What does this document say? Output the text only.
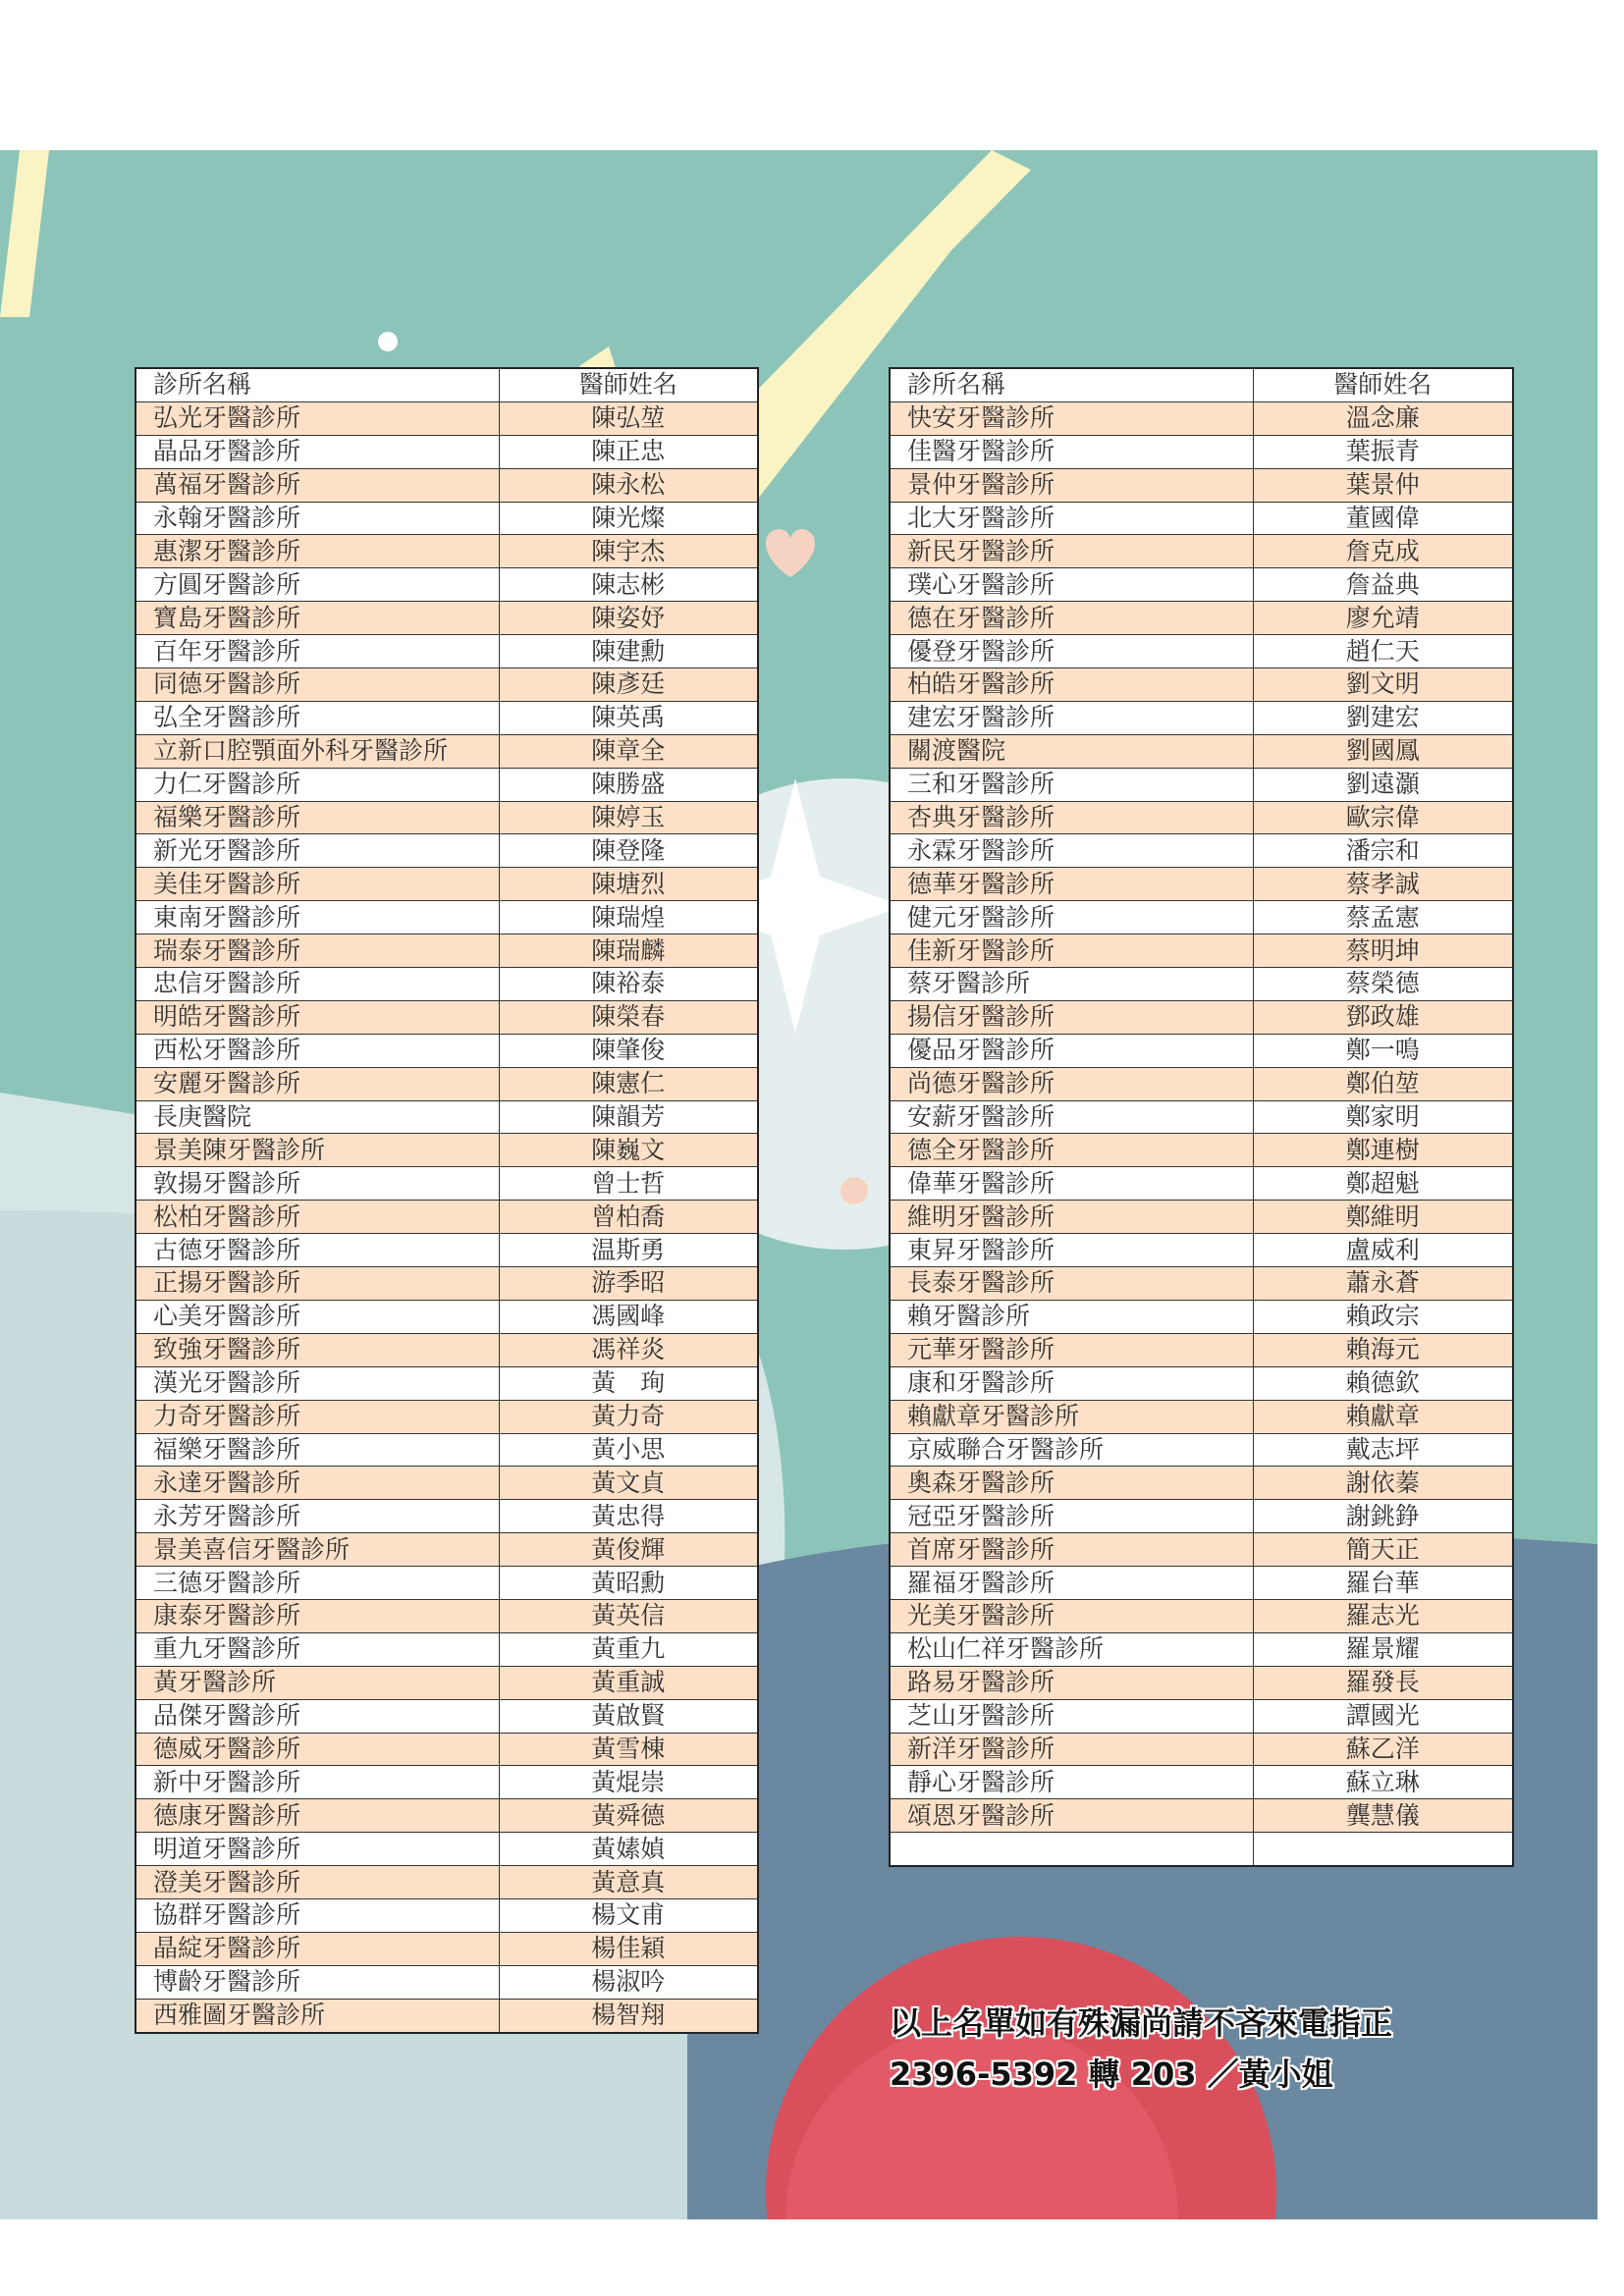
診所名稱	醫師姓名
弘光牙醫診所	陳弘堃
晶品牙醫診所	陳正忠
萬福牙醫診所	陳永松
永翰牙醫診所	陳光燦
惠潔牙醫診所	陳宇杰
方圓牙醫診所	陳志彬
寶島牙醫診所	陳姿妤
百年牙醫診所	陳建勳
同德牙醫診所	陳彥廷
弘全牙醫診所	陳英禹
立新口腔顎面外科牙醫診所	陳章全
力仁牙醫診所	陳勝盛
福樂牙醫診所	陳婷玉
新光牙醫診所	陳登隆
美佳牙醫診所	陳塘烈
東南牙醫診所	陳瑞煌
瑞泰牙醫診所	陳瑞麟
忠信牙醫診所	陳裕泰
明皓牙醫診所	陳榮春
西松牙醫診所	陳肇俊
安麗牙醫診所	陳憲仁
長庚醫院	陳韻芳
景美陳牙醫診所	陳巍文
敦揚牙醫診所	曾士哲
松柏牙醫診所	曾柏喬
古德牙醫診所	温斯勇
正揚牙醫診所	游季昭
心美牙醫診所	馮國峰
致強牙醫診所	馮祥炎
漢光牙醫診所	黃　珣
力奇牙醫診所	黃力奇
福樂牙醫診所	黃小思
永達牙醫診所	黃文貞
永芳牙醫診所	黃忠得
景美喜信牙醫診所	黃俊輝
三德牙醫診所	黃昭勳
康泰牙醫診所	黃英信
重九牙醫診所	黃重九
黃牙醫診所	黃重誠
品傑牙醫診所	黃啟賢
德威牙醫診所	黃雪棟
新中牙醫診所	黃焜崇
德康牙醫診所	黃舜德
明道牙醫診所	黃嫊媜
澄美牙醫診所	黃意真
協群牙醫診所	楊文甫
晶綻牙醫診所	楊佳穎
博齡牙醫診所	楊淑吟
西雅圖牙醫診所	楊智翔
診所名稱	醫師姓名
快安牙醫診所	溫念廉
佳醫牙醫診所	葉振青
景仲牙醫診所	葉景仲
北大牙醫診所	董國偉
新民牙醫診所	詹克成
璞心牙醫診所	詹益典
德在牙醫診所	廖允靖
優登牙醫診所	趙仁天
柏皓牙醫診所	劉文明
建宏牙醫診所	劉建宏
關渡醫院	劉國鳳
三和牙醫診所	劉遠灝
杏典牙醫診所	歐宗偉
永霖牙醫診所	潘宗和
德華牙醫診所	蔡孝誠
健元牙醫診所	蔡孟憲
佳新牙醫診所	蔡明坤
蔡牙醫診所	蔡榮德
揚信牙醫診所	鄧政雄
優品牙醫診所	鄭一鳴
尚德牙醫診所	鄭伯堃
安薪牙醫診所	鄭家明
德全牙醫診所	鄭連樹
偉華牙醫診所	鄭超魁
維明牙醫診所	鄭維明
東昇牙醫診所	盧威利
長泰牙醫診所	蕭永蒼
賴牙醫診所	賴政宗
元華牙醫診所	賴海元
康和牙醫診所	賴德欽
賴獻章牙醫診所	賴獻章
京威聯合牙醫診所	戴志坪
奧森牙醫診所	謝依蓁
冠亞牙醫診所	謝銚錚
首席牙醫診所	簡天正
羅福牙醫診所	羅台華
光美牙醫診所	羅志光
松山仁祥牙醫診所	羅景耀
路易牙醫診所	羅發長
芝山牙醫診所	譚國光
新洋牙醫診所	蘇乙洋
靜心牙醫診所	蘇立琳
頌恩牙醫診所	龔慧儀

以上名單如有殊漏尚請不吝來電指正
2396-5392 轉 203 ／黃小姐
